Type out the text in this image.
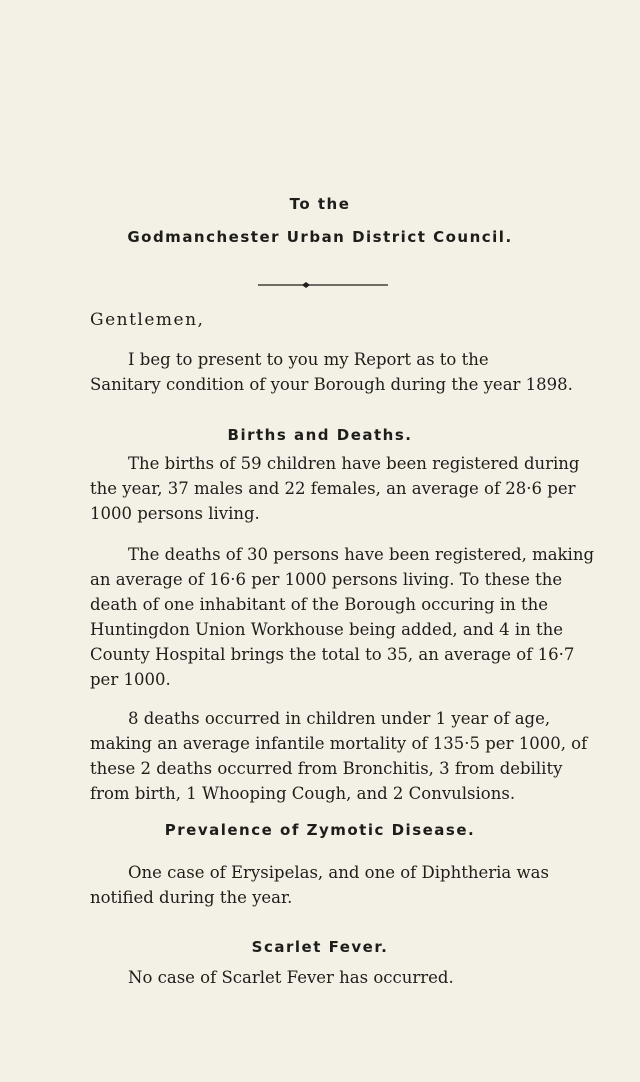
To the
Godmanchester Urban District Council.
Gentlemen,

I beg to present to you my Report as to the
Sanitary condition of your Borough during the year 1898.

Births and Deaths.

The births of 59 children have been registered during
the year, 37 males and 22 females, an average of 28·6 per
1000 persons living.

The deaths of 30 persons have been registered, making
an average of 16·6 per 1000 persons living. To these the
death of one inhabitant of the Borough occuring in the
Huntingdon Union Workhouse being added, and 4 in the
County Hospital brings the total to 35, an average of 16·7
per 1000.

8 deaths occurred in children under 1 year of age,
making an average infantile mortality of 135·5 per 1000, of
these 2 deaths occurred from Bronchitis, 3 from debility
from birth, 1 Whooping Cough, and 2 Convulsions.

Prevalence of Zymotic Disease.

One case of Erysipelas, and one of Diphtheria was
notified during the year.

Scarlet Fever.

No case of Scarlet Fever has occurred.
